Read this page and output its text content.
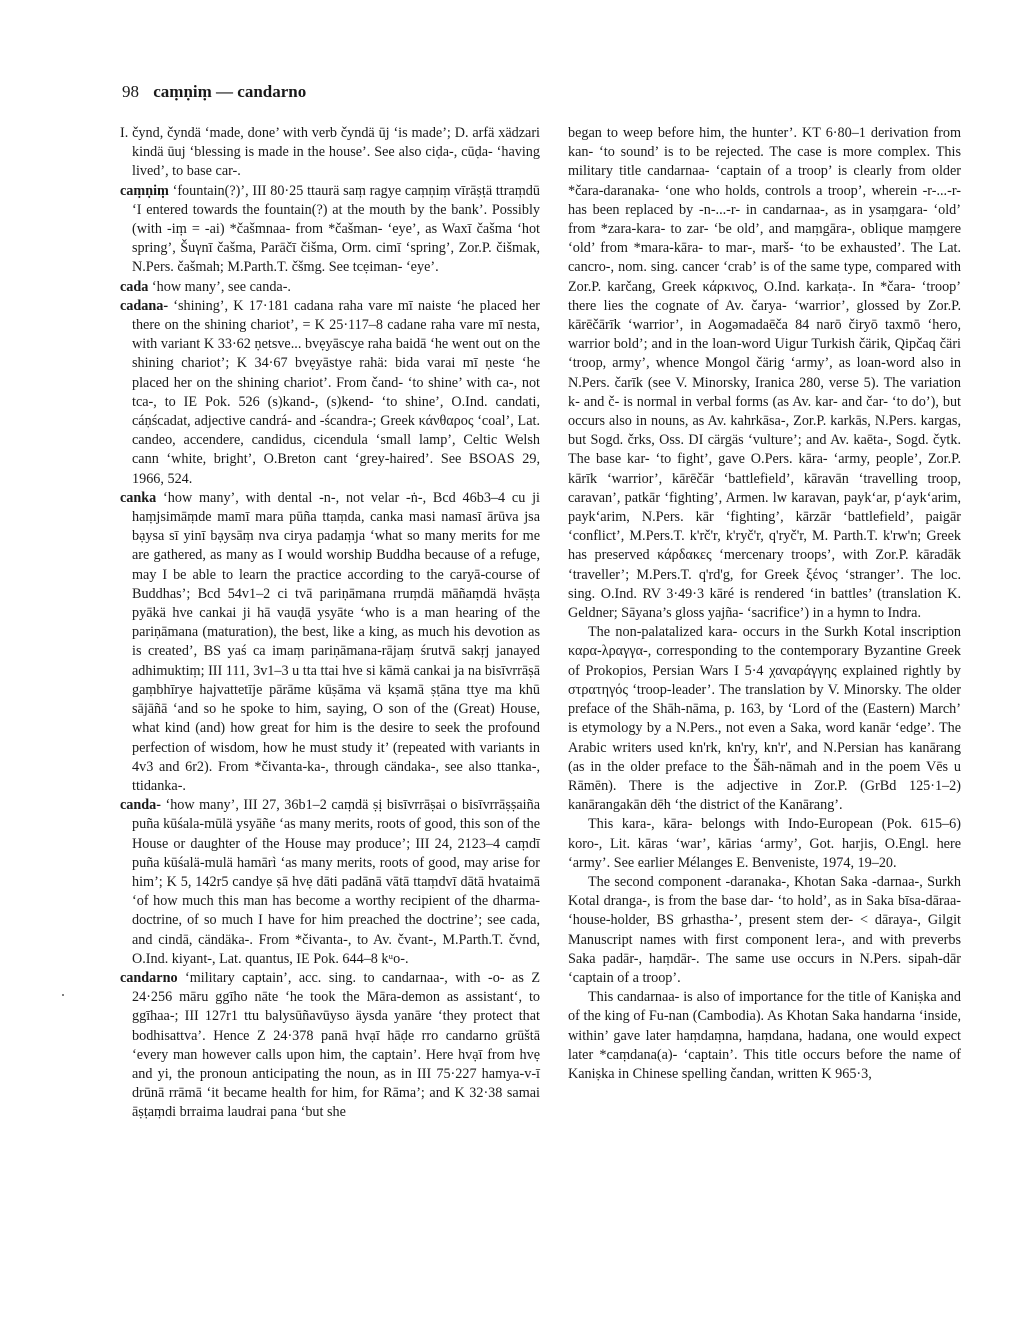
98 caṃṇiṃ — candarno

I. čynd, čyndä ‘made, done’ with verb čyndä ūj ‘is made’; D. arfä xädzari kindä ūuj ‘blessing is made in the house’. See also ciḍa-, cūḍa- ‘having lived’, to base car-.

caṃṇiṃ ‘fountain(?)’, III 80·25 ttaurä saṃ ragye caṃṇiṃ vīrāṣṭä ttraṃdū ‘I entered towards the fountain(?) at the mouth by the bank’. Possibly (with -iṃ = -ai) *čašmnaa- from *čašman- ‘eye’, as Waxī čašma ‘hot spring’, Šuγnī čašma, Parāčī čišma, Orm. cimī ‘spring’, Zor.P. čišmak, N.Pers. čašmah; M.Parth.T. čšmg. See tcẹiman- ‘eye’.

cada ‘how many’, see canda-.

cadana- ‘shining’, K 17·181 cadana raha vare mī naiste ‘he placed her there on the shining chariot’, = K 25·117–8 cadane raha vare mī nesta, with variant K 33·62 ṇetsve... bvẹyāscye raha baidā ‘he went out on the shining chariot’; K 34·67 bvẹyāstye rahä: bida varai mī ṇeste ‘he placed her on the shining chariot’. From čand- ‘to shine’ with ca-, not tca-, to IE Pok. 526 (s)kand-, (s)kend- ‘to shine’, O.Ind. candati, cáṇścadat, adjective candrá- and -ścandra-; Greek κάνθαρος ‘coal’, Lat. candeo, accendere, candidus, cicendula ‘small lamp’, Celtic Welsh cann ‘white, bright’, O.Breton cant ‘grey-haired’. See BSOAS 29, 1966, 524.

canka ‘how many’, with dental -n-, not velar -ṅ-, Bcd 46b3–4 cu ji haṃjsimāṃde mamī mara pūña ttaṃda, canka masi namasī ārūva jsa bạysa sī yinī bạysāṃ nva cirya padaṃja ‘what so many merits for me are gathered, as many as I would worship Buddha because of a refuge, may I be able to learn the practice according to the caryā-course of Buddhas’; Bcd 54v1–2 ci tvā pariṇāmana rruṃdä māñaṃdä hvāṣṭa pyākä hve cankai ji hā vauḍā ysyāte ‘who is a man hearing of the pariṇāmana (maturation), the best, like a king, as much his devotion as is created’, BS yaś ca imaṃ pariṇāmana-rājaṃ śrutvā sakṛj janayed adhimuktiṃ; III 111, 3v1–3 u tta ttai hve si kāmä cankai ja na bisīvrrāṣā gaṃbhīrye hajvattetīje pārāme kūṣāma vä kṣamā ṣṭāna ttye ma khū sājāñā ‘and so he spoke to him, saying, O son of the (Great) House, what kind (and) how great for him is the desire to seek the profound perfection of wisdom, how he must study it’ (repeated with variants in 4v3 and 6r2). From *čivanta-ka-, through cändaka-, see also ttanka-, ttidanka-.

canda- ‘how many’, III 27, 36b1–2 caṃdä ṣị bisīvrrāṣai o bisīvrrāṣṣaiña puña kūśala-mūlä ysyāñe ‘as many merits, roots of good, this son of the House or daughter of the House may produce’; III 24, 2123–4 caṃdī puña kūśalä-mulä hamārì ‘as many merits, roots of good, may arise for him’; K 5, 142r5 candye ṣā hvẹ dāti padānā vātā ttaṃdvī dātā hvataimā ‘of how much this man has become a worthy recipient of the dharma-doctrine, of so much I have for him preached the doctrine’; see cada, and cindā, cändäka-. From *čivanta-, to Av. čvant-, M.Parth.T. čvnd, O.Ind. kiyant-, Lat. quantus, IE Pok. 644–8 kᵘo-.

candarno ‘military captain’, acc. sing. to candarnaa-, with -o- as Z 24·256 māru ggīho nāte ‘he took the Māra-demon as assistant‘, to ggīhaa-; III 127r1 ttu balysūñavūyso äysda yanāre ‘they protect that bodhisattva’. Hence Z 24·378 panā hvạī hāḍe rro candarno grūštā ‘every man however calls upon him, the captain’. Here hvạī from hvẹ and yi, the pronoun anticipating the noun, as in III 75·227 hamya-v-ī drūnā rrāmā ‘it became health for him, for Rāma’; and K 32·38 samai āṣṭaṃdi brraima laudrai pana ‘but she

began to weep before him, the hunter’. KT 6·80–1 derivation from kan- ‘to sound’ is to be rejected. The case is more complex. This military title candarnaa- ‘captain of a troop’ is clearly from older *čara-daranaka- ‘one who holds, controls a troop’, wherein -r-...-r- has been replaced by -n-...-r- in candarnaa-, as in ysaṃgara- ‘old’ from *zara-kara- to zar- ‘be old’, and maṃgāra-, oblique maṃgere ‘old’ from *mara-kāra- to mar-, marš- ‘to be exhausted’. The Lat. cancro-, nom. sing. cancer ‘crab’ is of the same type, compared with Zor.P. karčang, Greek κάρκινος, O.Ind. karkaṭa-. In *čara- ‘troop’ there lies the cognate of Av. čarya- ‘warrior’, glossed by Zor.P. kārēčārīk ‘warrior’, in Aogəmadaēča 84 narō čiryō taxmō ‘hero, warrior bold’; and in the loan-word Uigur Turkish čärik, Qipčaq čäri ‘troop, army’, whence Mongol čärig ‘army’, as loan-word also in N.Pers. čarīk (see V. Minorsky, Iranica 280, verse 5). The variation k- and č- is normal in verbal forms (as Av. kar- and čar- ‘to do’), but occurs also in nouns, as Av. kahrkāsa-, Zor.P. karkās, N.Pers. kargas, but Sogd. črks, Oss. DI cärgäs ‘vulture’; and Av. kaēta-, Sogd. čytk. The base kar- ‘to fight’, gave O.Pers. kāra- ‘army, people’, Zor.P. kārīk ‘warrior’, kārēčār ‘battlefield’, kāravān ‘travelling troop, caravan’, patkār ‘fighting’, Armen. lw karavan, payk‘ar, p‘ayk‘arim, payk‘arim, N.Pers. kār ‘fighting’, kārzār ‘battlefield’, paigār ‘conflict’, M.Pers.T. k'rč'r, k'ryč'r, q'ryč'r, M. Parth.T. k'rw'n; Greek has preserved κάρδακες ‘mercenary troops’, with Zor.P. kāradāk ‘traveller’; M.Pers.T. q'rd'g, for Greek ξένος ‘stranger’. The loc. sing. O.Ind. RV 3·49·3 kāré is rendered ‘in battles’ (translation K. Geldner; Sāyana’s gloss yajña- ‘sacrifice’) in a hymn to Indra.

The non-palatalized kara- occurs in the Surkh Kotal inscription καρα-λραγγα-, corresponding to the contemporary Byzantine Greek of Prokopios, Persian Wars I 5·4 χαναράγγης explained rightly by στρατηγός ‘troop-leader’. The translation by V. Minorsky. The older preface of the Shāh-nāma, p. 163, by ‘Lord of the (Eastern) March’ is etymology by a N.Pers., not even a Saka, word kanār ‘edge’. The Arabic writers used kn'rk, kn'ry, kn'r', and N.Persian has kanārang (as in the older preface to the Šāh-nāmah and in the poem Vēs u Rāmēn). There is the adjective in Zor.P. (GrBd 125·1–2) kanārangakān dēh ‘the district of the Kanārang’.

This kara-, kāra- belongs with Indo-European (Pok. 615–6) koro-, Lit. kāras ‘war’, kārias ‘army’, Got. harjis, O.Engl. here ‘army’. See earlier Mélanges E. Benveniste, 1974, 19–20.

The second component -daranaka-, Khotan Saka -darnaa-, Surkh Kotal dranga-, is from the base dar- ‘to hold’, as in Saka bīsa-dāraa- ‘house-holder, BS grhastha-’, present stem der- < dāraya-, Gilgit Manuscript names with first component lera-, and with preverbs Saka padār-, haṃdār-. The same use occurs in N.Pers. sipah-dār ‘captain of a troop’.

This candarnaa- is also of importance for the title of Kaniṣka and of the king of Fu-nan (Cambodia). As Khotan Saka handarna ‘inside, within’ gave later haṃdaṃna, haṃdana, hadana, one would expect later *caṃdana(a)- ‘captain’. This title occurs before the name of Kaniṣka in Chinese spelling čandan, written K 965·3,
